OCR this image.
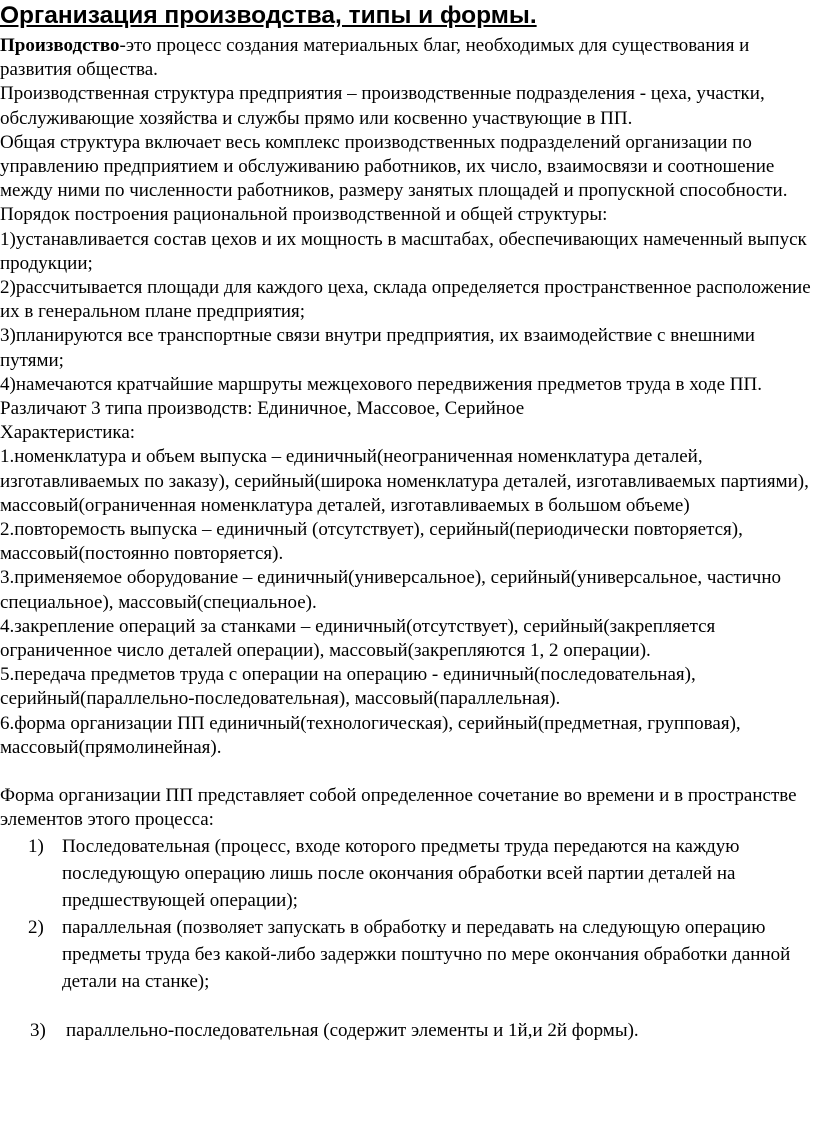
Организация производства, типы и формы.

Производство-это процесс создания материальных благ, необходимых для существования и развития общества.

Производственная структура предприятия – производственные подразделения - цеха, участки, обслуживающие хозяйства и службы прямо или косвенно участвующие в ПП.

Общая структура включает весь комплекс производственных подразделений организации по управлению предприятием и обслуживанию работников, их число, взаимосвязи и соотношение между ними по численности работников, размеру занятых площадей и пропускной способности.

Порядок построения рациональной производственной и общей структуры:

1)устанавливается состав цехов и их мощность в масштабах, обеспечивающих намеченный выпуск продукции;

2)рассчитывается площади для каждого цеха, склада определяется пространственное расположение их в генеральном плане предприятия;

3)планируются все транспортные связи внутри предприятия, их взаимодействие с внешними путями;

4)намечаются кратчайшие маршруты межцехового передвижения предметов труда в ходе ПП.

Различают 3 типа производств: Единичное, Массовое, Серийное

Характеристика:

1.номенклатура и объем выпуска – единичный(неограниченная номенклатура деталей, изготавливаемых по заказу), серийный(широка номенклатура деталей, изготавливаемых партиями), массовый(ограниченная номенклатура деталей, изготавливаемых в большом объеме)

2.повторемость выпуска – единичный (отсутствует), серийный(периодически повторяется), массовый(постоянно повторяется).

3.применяемое оборудование – единичный(универсальное), серийный(универсальное, частично специальное), массовый(специальное).

4.закрепление операций за станками – единичный(отсутствует), серийный(закрепляется ограниченное число деталей операции), массовый(закрепляются 1, 2 операции).

5.передача предметов труда с операции на операцию - единичный(последовательная), серийный(параллельно-последовательная), массовый(параллельная).

6.форма организации ПП единичный(технологическая), серийный(предметная, групповая), массовый(прямолинейная).

Форма организации ПП представляет собой определенное сочетание во времени и в пространстве элементов этого процесса:

1) Последовательная (процесс, входе которого предметы труда передаются на каждую последующую операцию лишь после окончания обработки всей партии деталей на предшествующей операции);
2) параллельная (позволяет запускать в обработку и передавать на следующую операцию предметы труда без какой-либо задержки поштучно по мере окончания обработки данной детали на станке);
3) параллельно-последовательная (содержит элементы и 1й,и 2й формы).
